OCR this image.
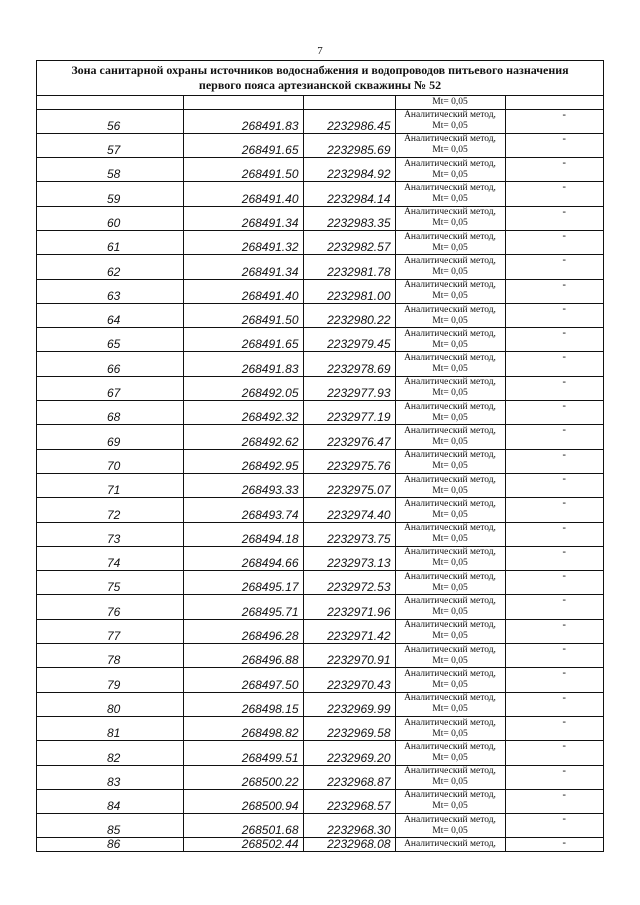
7
Зона санитарной охраны источников водоснабжения и водопроводов питьевого назначения
первого пояса артезианской скважины № 52

			Mt= 0,05	

56	268491.83	2232986.45	Аналитический метод,
Mt= 0,05	-
57	268491.65	2232985.69	Аналитический метод,
Mt= 0,05	-
58	268491.50	2232984.92	Аналитический метод,
Mt= 0,05	-
59	268491.40	2232984.14	Аналитический метод,
Mt= 0,05	-
60	268491.34	2232983.35	Аналитический метод,
Mt= 0,05	-
61	268491.32	2232982.57	Аналитический метод,
Mt= 0,05	-
62	268491.34	2232981.78	Аналитический метод,
Mt= 0,05	-
63	268491.40	2232981.00	Аналитический метод,
Mt= 0,05	-
64	268491.50	2232980.22	Аналитический метод,
Mt= 0,05	-
65	268491.65	2232979.45	Аналитический метод,
Mt= 0,05	-
66	268491.83	2232978.69	Аналитический метод,
Mt= 0,05	-
67	268492.05	2232977.93	Аналитический метод,
Mt= 0,05	-
68	268492.32	2232977.19	Аналитический метод,
Mt= 0,05	-
69	268492.62	2232976.47	Аналитический метод,
Mt= 0,05	-
70	268492.95	2232975.76	Аналитический метод,
Mt= 0,05	-
71	268493.33	2232975.07	Аналитический метод,
Mt= 0,05	-
72	268493.74	2232974.40	Аналитический метод,
Mt= 0,05	-
73	268494.18	2232973.75	Аналитический метод,
Mt= 0,05	-
74	268494.66	2232973.13	Аналитический метод,
Mt= 0,05	-
75	268495.17	2232972.53	Аналитический метод,
Mt= 0,05	-
76	268495.71	2232971.96	Аналитический метод,
Mt= 0,05	-
77	268496.28	2232971.42	Аналитический метод,
Mt= 0,05	-
78	268496.88	2232970.91	Аналитический метод,
Mt= 0,05	-
79	268497.50	2232970.43	Аналитический метод,
Mt= 0,05	-
80	268498.15	2232969.99	Аналитический метод,
Mt= 0,05	-
81	268498.82	2232969.58	Аналитический метод,
Mt= 0,05	-
82	268499.51	2232969.20	Аналитический метод,
Mt= 0,05	-
83	268500.22	2232968.87	Аналитический метод,
Mt= 0,05	-
84	268500.94	2232968.57	Аналитический метод,
Mt= 0,05	-
85	268501.68	2232968.30	Аналитический метод,
Mt= 0,05	-
86	268502.44	2232968.08	Аналитический метод,	-
